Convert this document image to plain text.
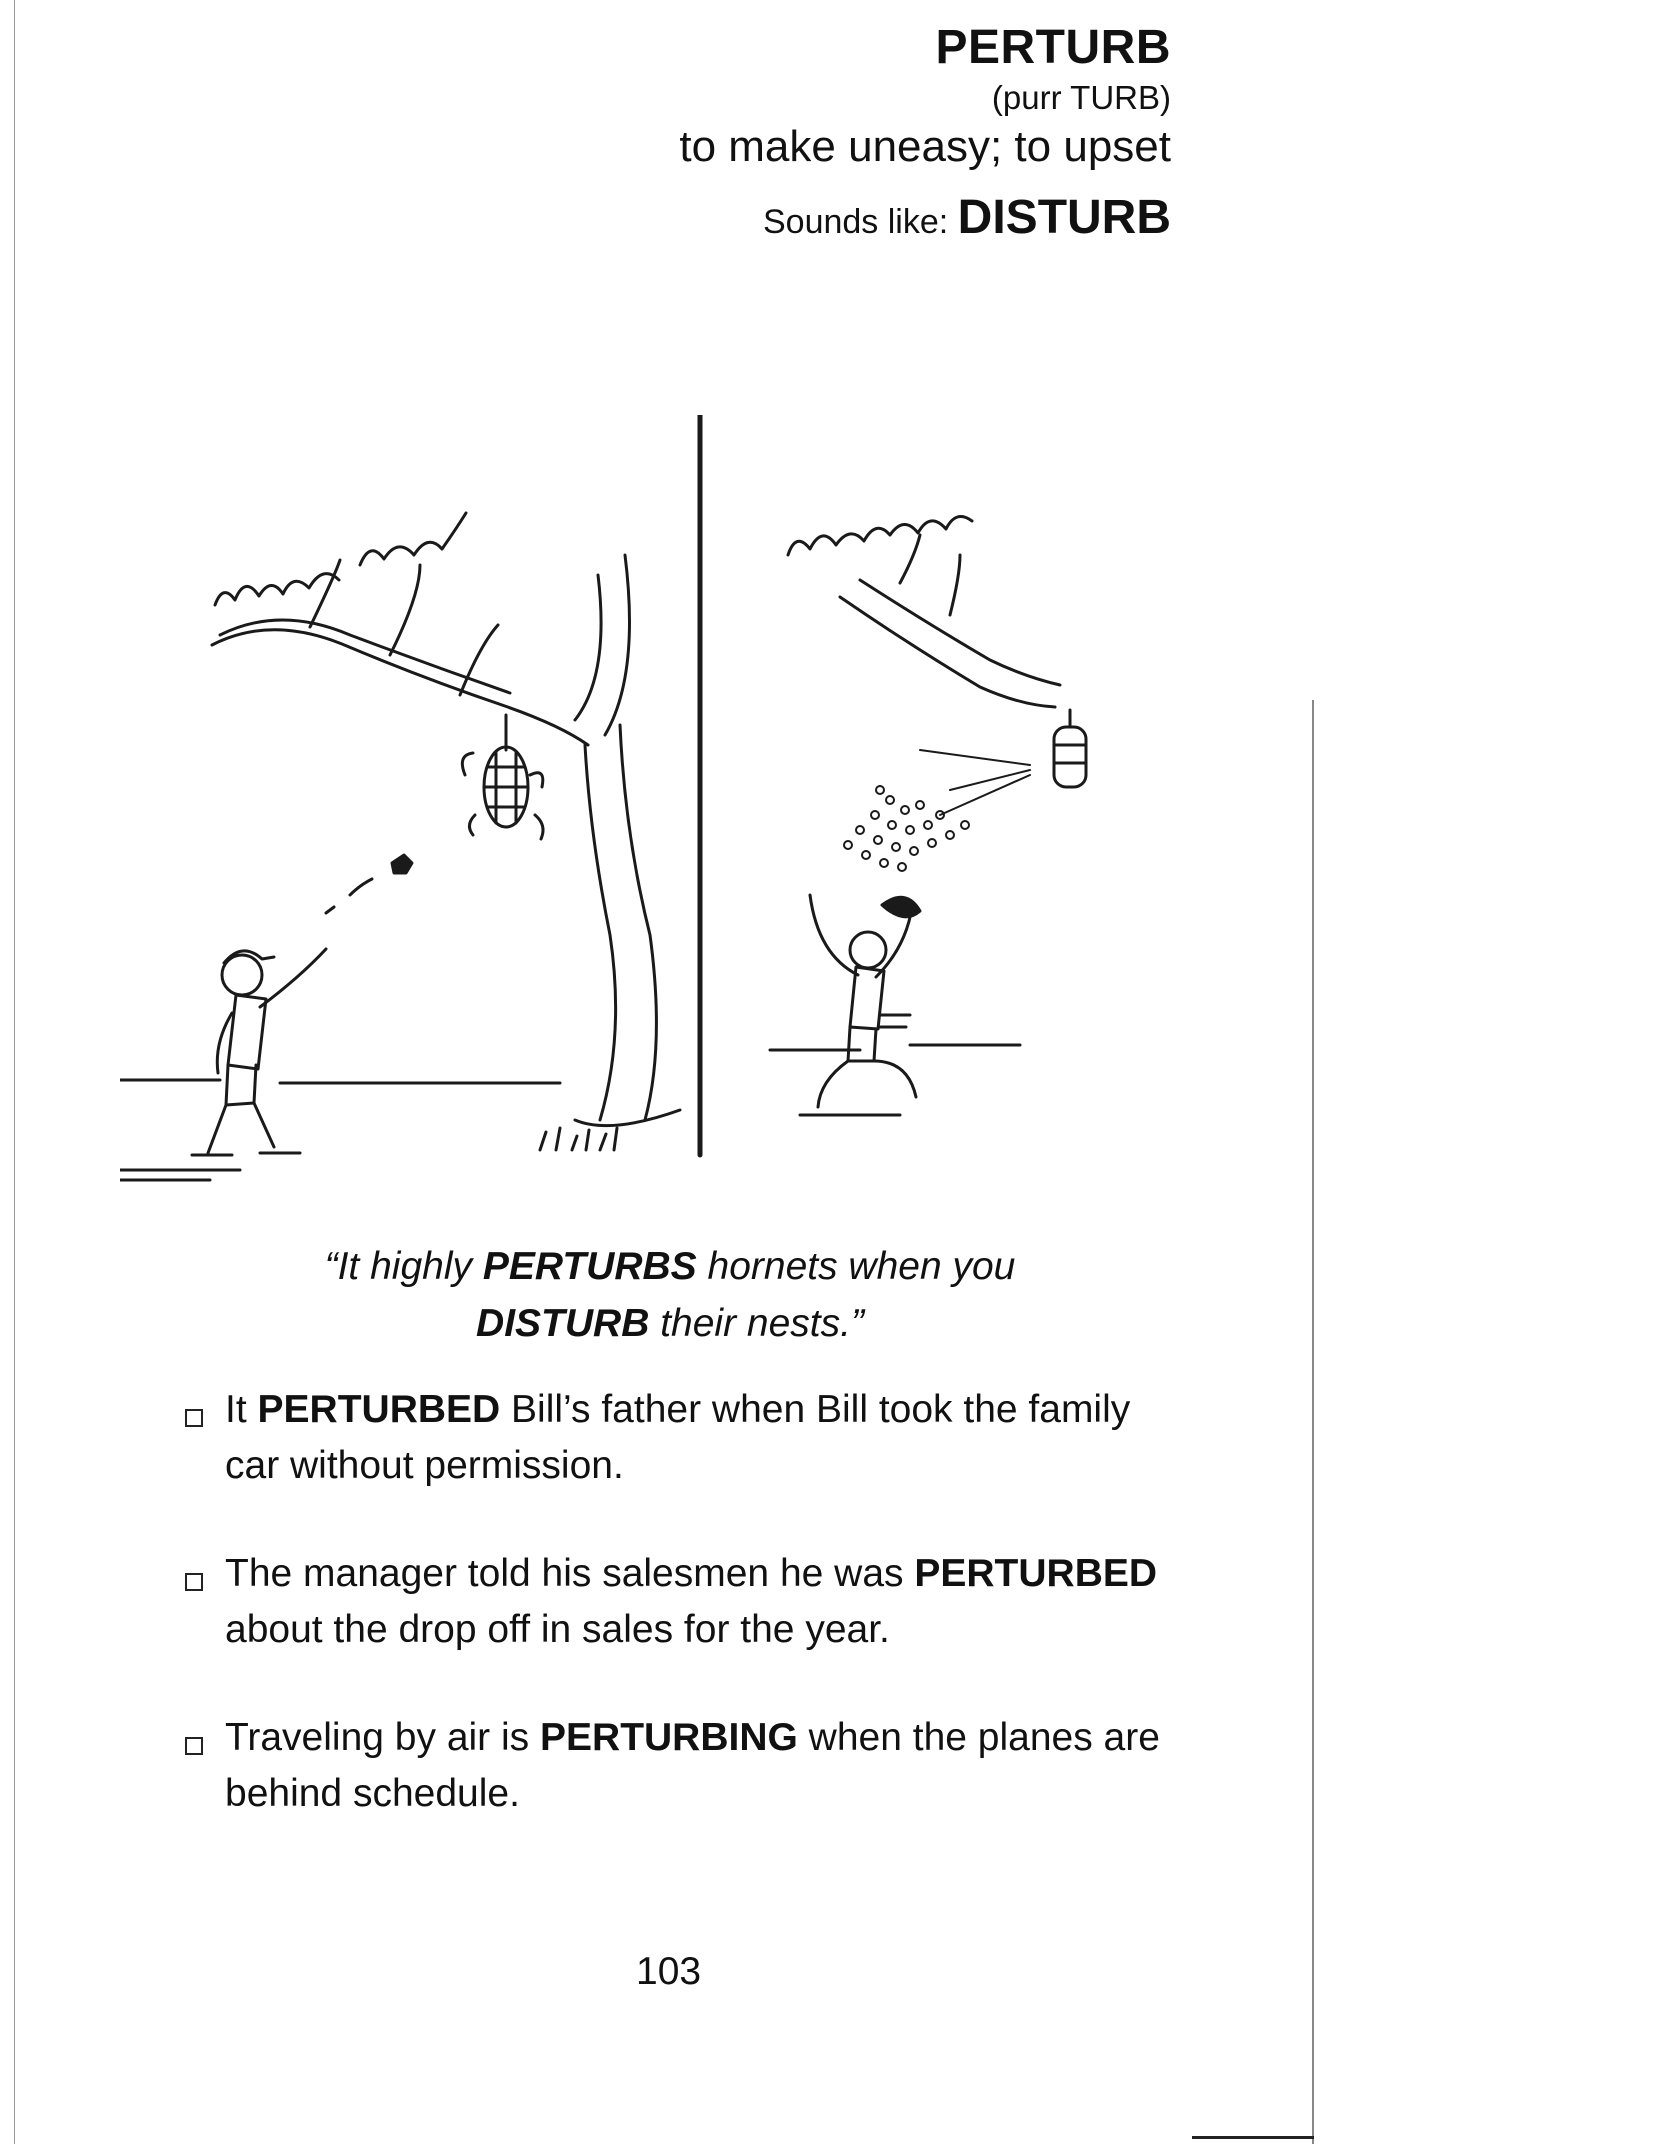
PERTURB
(purr TURB)
to make uneasy; to upset
Sounds like: DISTURB
“It highly PERTURBS hornets when you
DISTURB their nests.”
It PERTURBED Bill’s father when Bill took the family car without permission.
The manager told his salesmen he was PERTURBED about the drop off in sales for the year.
Traveling by air is PERTURBING when the planes are behind schedule.
103
